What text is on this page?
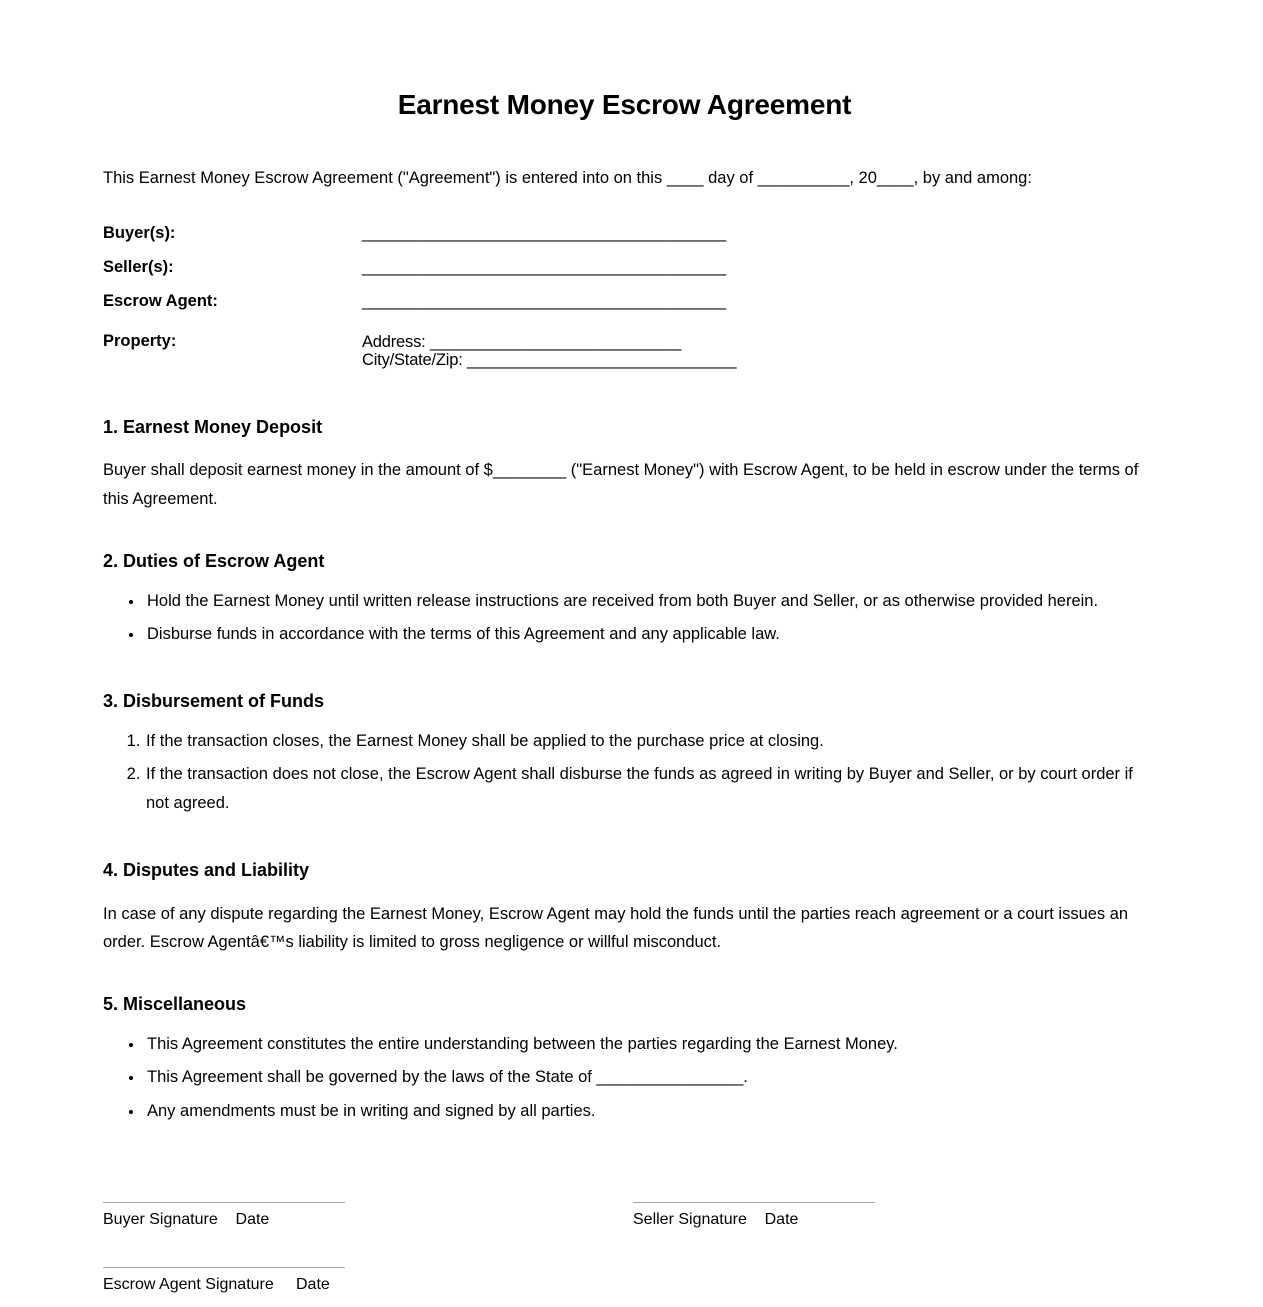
Earnest Money Escrow Agreement

This Earnest Money Escrow Agreement ("Agreement") is entered into on this ____ day of __________, 20____, by and among:

Buyer(s):	_________________________________________
Seller(s):	_________________________________________
Escrow Agent:	_________________________________________
Property:	Address: ____________________________
City/State/Zip: ______________________________
1. Earnest Money Deposit

Buyer shall deposit earnest money in the amount of $________ ("Earnest Money") with Escrow Agent, to be held in escrow under the terms of this Agreement.

2. Duties of Escrow Agent
• Hold the Earnest Money until written release instructions are received from both Buyer and Seller, or as otherwise provided herein.
• Disburse funds in accordance with the terms of this Agreement and any applicable law.
3. Disbursement of Funds
1. If the transaction closes, the Earnest Money shall be applied to the purchase price at closing.
2. If the transaction does not close, the Escrow Agent shall disburse the funds as agreed in writing by Buyer and Seller, or by court order if not agreed.
4. Disputes and Liability

In case of any dispute regarding the Earnest Money, Escrow Agent may hold the funds until the parties reach agreement or a court issues an order. Escrow Agentâ€™s liability is limited to gross negligence or willful misconduct.

5. Miscellaneous
• This Agreement constitutes the entire understanding between the parties regarding the Earnest Money.
• This Agreement shall be governed by the laws of the State of ________________.
• Any amendments must be in writing and signed by all parties.
Buyer Signature    Date	Seller Signature    Date
Escrow Agent Signature     Date
